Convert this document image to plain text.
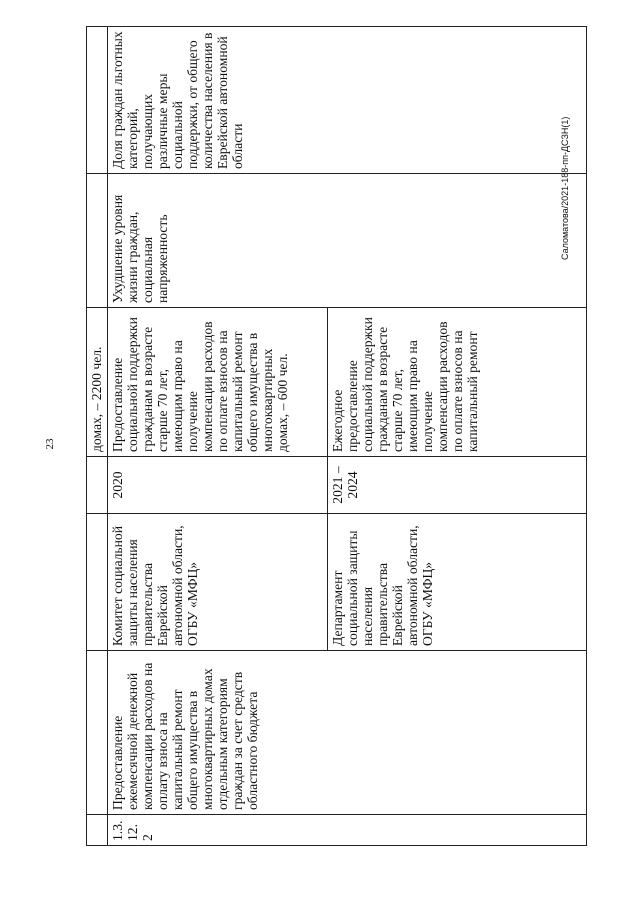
23
Саломатова/2021-188-пп-ДСЗН(1)
				домах, – 2200 чел.		
1.3.12.2	Предоставление ежемесячной денежной компенсации расходов на оплату взноса на капитальный ремонт общего имущества в многоквартирных домах отдельным категориям граждан за счет средств областного бюджета	Комитет социальной защиты населения правительства Еврейской автономной области, ОГБУ «МФЦ»	2020	Предоставление социальной поддержки гражданам в возрасте старше 70 лет, имеющим право на получение компенсации расходов по оплате взносов на капитальный ремонт общего имущества в многоквартирных домах, – 600 чел.	Ухудшение уровня жизни граждан, социальная напряженность	Доля граждан льготных категорий, получающих различные меры социальной поддержки, от общего количества населения в Еврейской автономной области
		Департамент социальной защиты населения правительства Еврейской автономной области, ОГБУ «МФЦ»	2021 – 2024	Ежегодное предоставление социальной поддержки гражданам в возрасте старше 70 лет, имеющим право на получение компенсации расходов по оплате взносов на капитальный ремонт		
